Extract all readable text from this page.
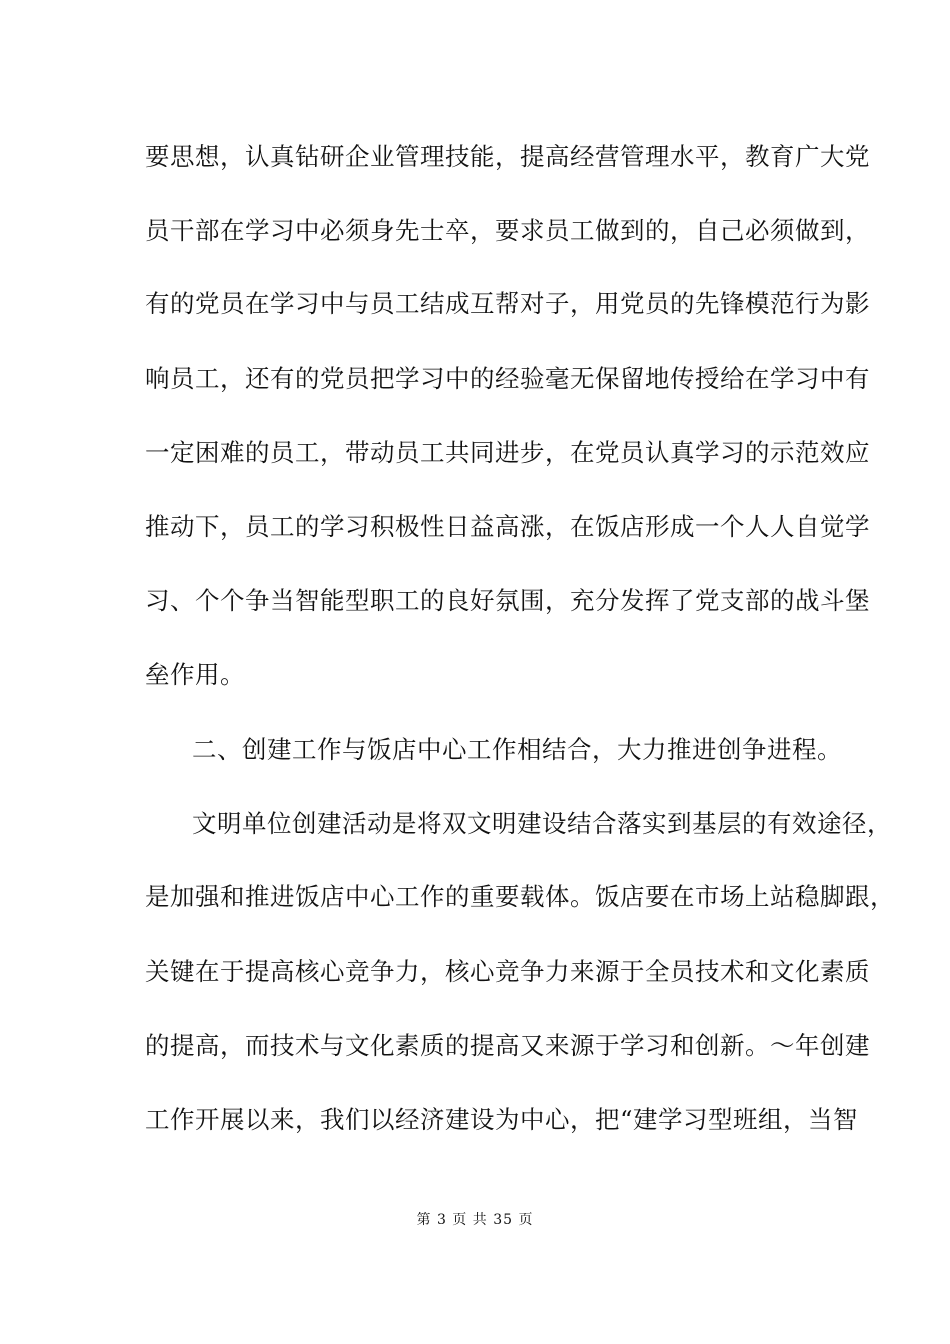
要思想，认真钻研企业管理技能，提高经营管理水平，教育广大党
员干部在学习中必须身先士卒，要求员工做到的，自己必须做到，
有的党员在学习中与员工结成互帮对子，用党员的先锋模范行为影
响员工，还有的党员把学习中的经验毫无保留地传授给在学习中有
一定困难的员工，带动员工共同进步，在党员认真学习的示范效应
推动下，员工的学习积极性日益高涨，在饭店形成一个人人自觉学
习、个个争当智能型职工的良好氛围，充分发挥了党支部的战斗堡
垒作用。
二、创建工作与饭店中心工作相结合，大力推进创争进程。
文明单位创建活动是将双文明建设结合落实到基层的有效途径，
是加强和推进饭店中心工作的重要载体。饭店要在市场上站稳脚跟，
关键在于提高核心竞争力，核心竞争力来源于全员技术和文化素质
的提高，而技术与文化素质的提高又来源于学习和创新。～年创建
工作开展以来，我们以经济建设为中心，把“建学习型班组，当智
第 3 页 共 35 页
